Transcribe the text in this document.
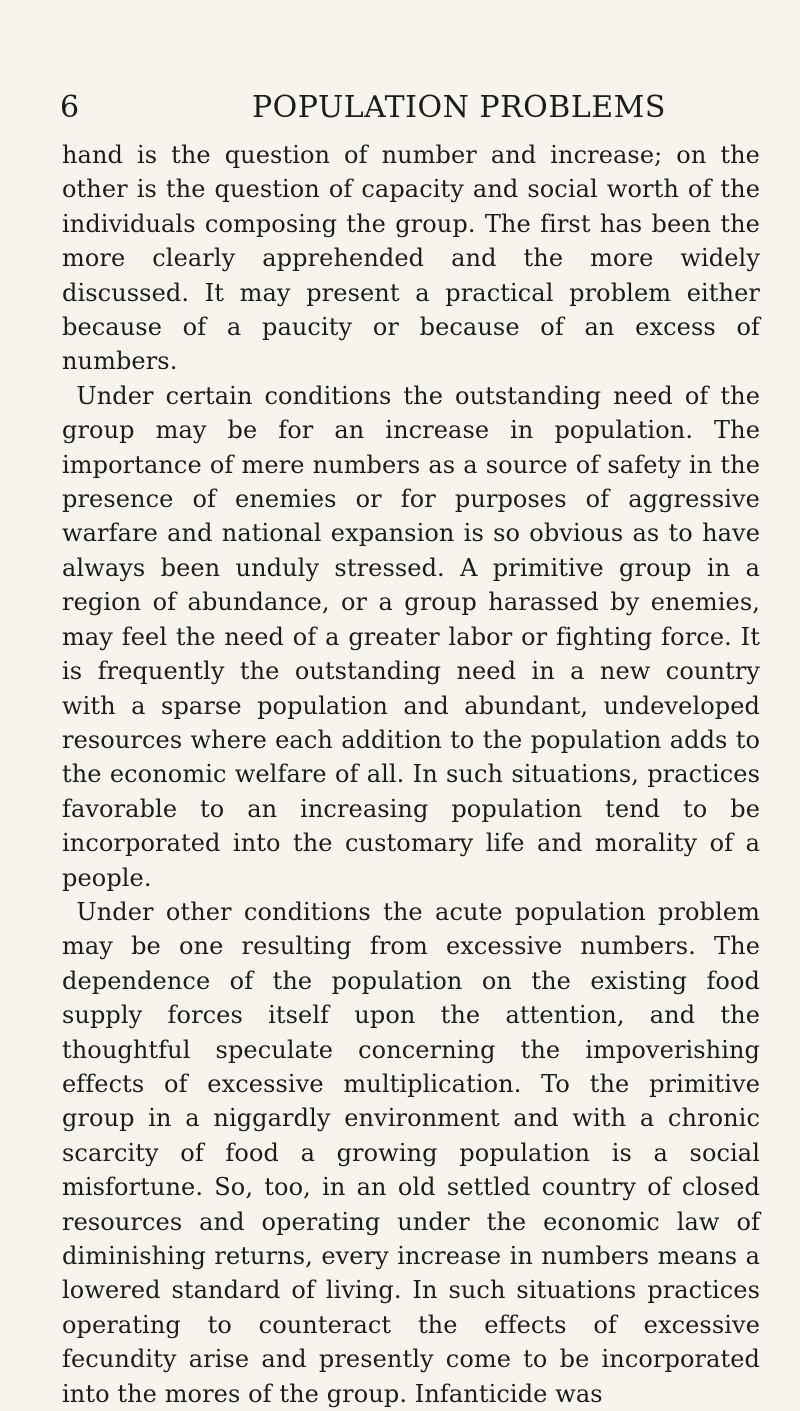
6	POPULATION PROBLEMS

hand is the question of number and increase; on the other is the question of capacity and social worth of the individuals composing the group. The first has been the more clearly apprehended and the more widely discussed. It may present a practical problem either because of a paucity or because of an excess of numbers.

Under certain conditions the outstanding need of the group may be for an increase in population. The importance of mere numbers as a source of safety in the presence of enemies or for purposes of aggressive warfare and national expansion is so obvious as to have always been unduly stressed. A primitive group in a region of abundance, or a group harassed by enemies, may feel the need of a greater labor or fighting force. It is frequently the outstanding need in a new country with a sparse population and abundant, undeveloped resources where each addition to the population adds to the economic welfare of all. In such situations, practices favorable to an increasing population tend to be incorporated into the customary life and morality of a people.

Under other conditions the acute population problem may be one resulting from excessive numbers. The dependence of the population on the existing food supply forces itself upon the attention, and the thoughtful speculate concerning the impoverishing effects of excessive multiplication. To the primitive group in a niggardly environment and with a chronic scarcity of food a growing population is a social misfortune. So, too, in an old settled country of closed resources and operating under the economic law of diminishing returns, every increase in numbers means a lowered standard of living. In such situations practices operating to counteract the effects of excessive fecundity arise and presently come to be incorporated into the mores of the group. Infanticide was
